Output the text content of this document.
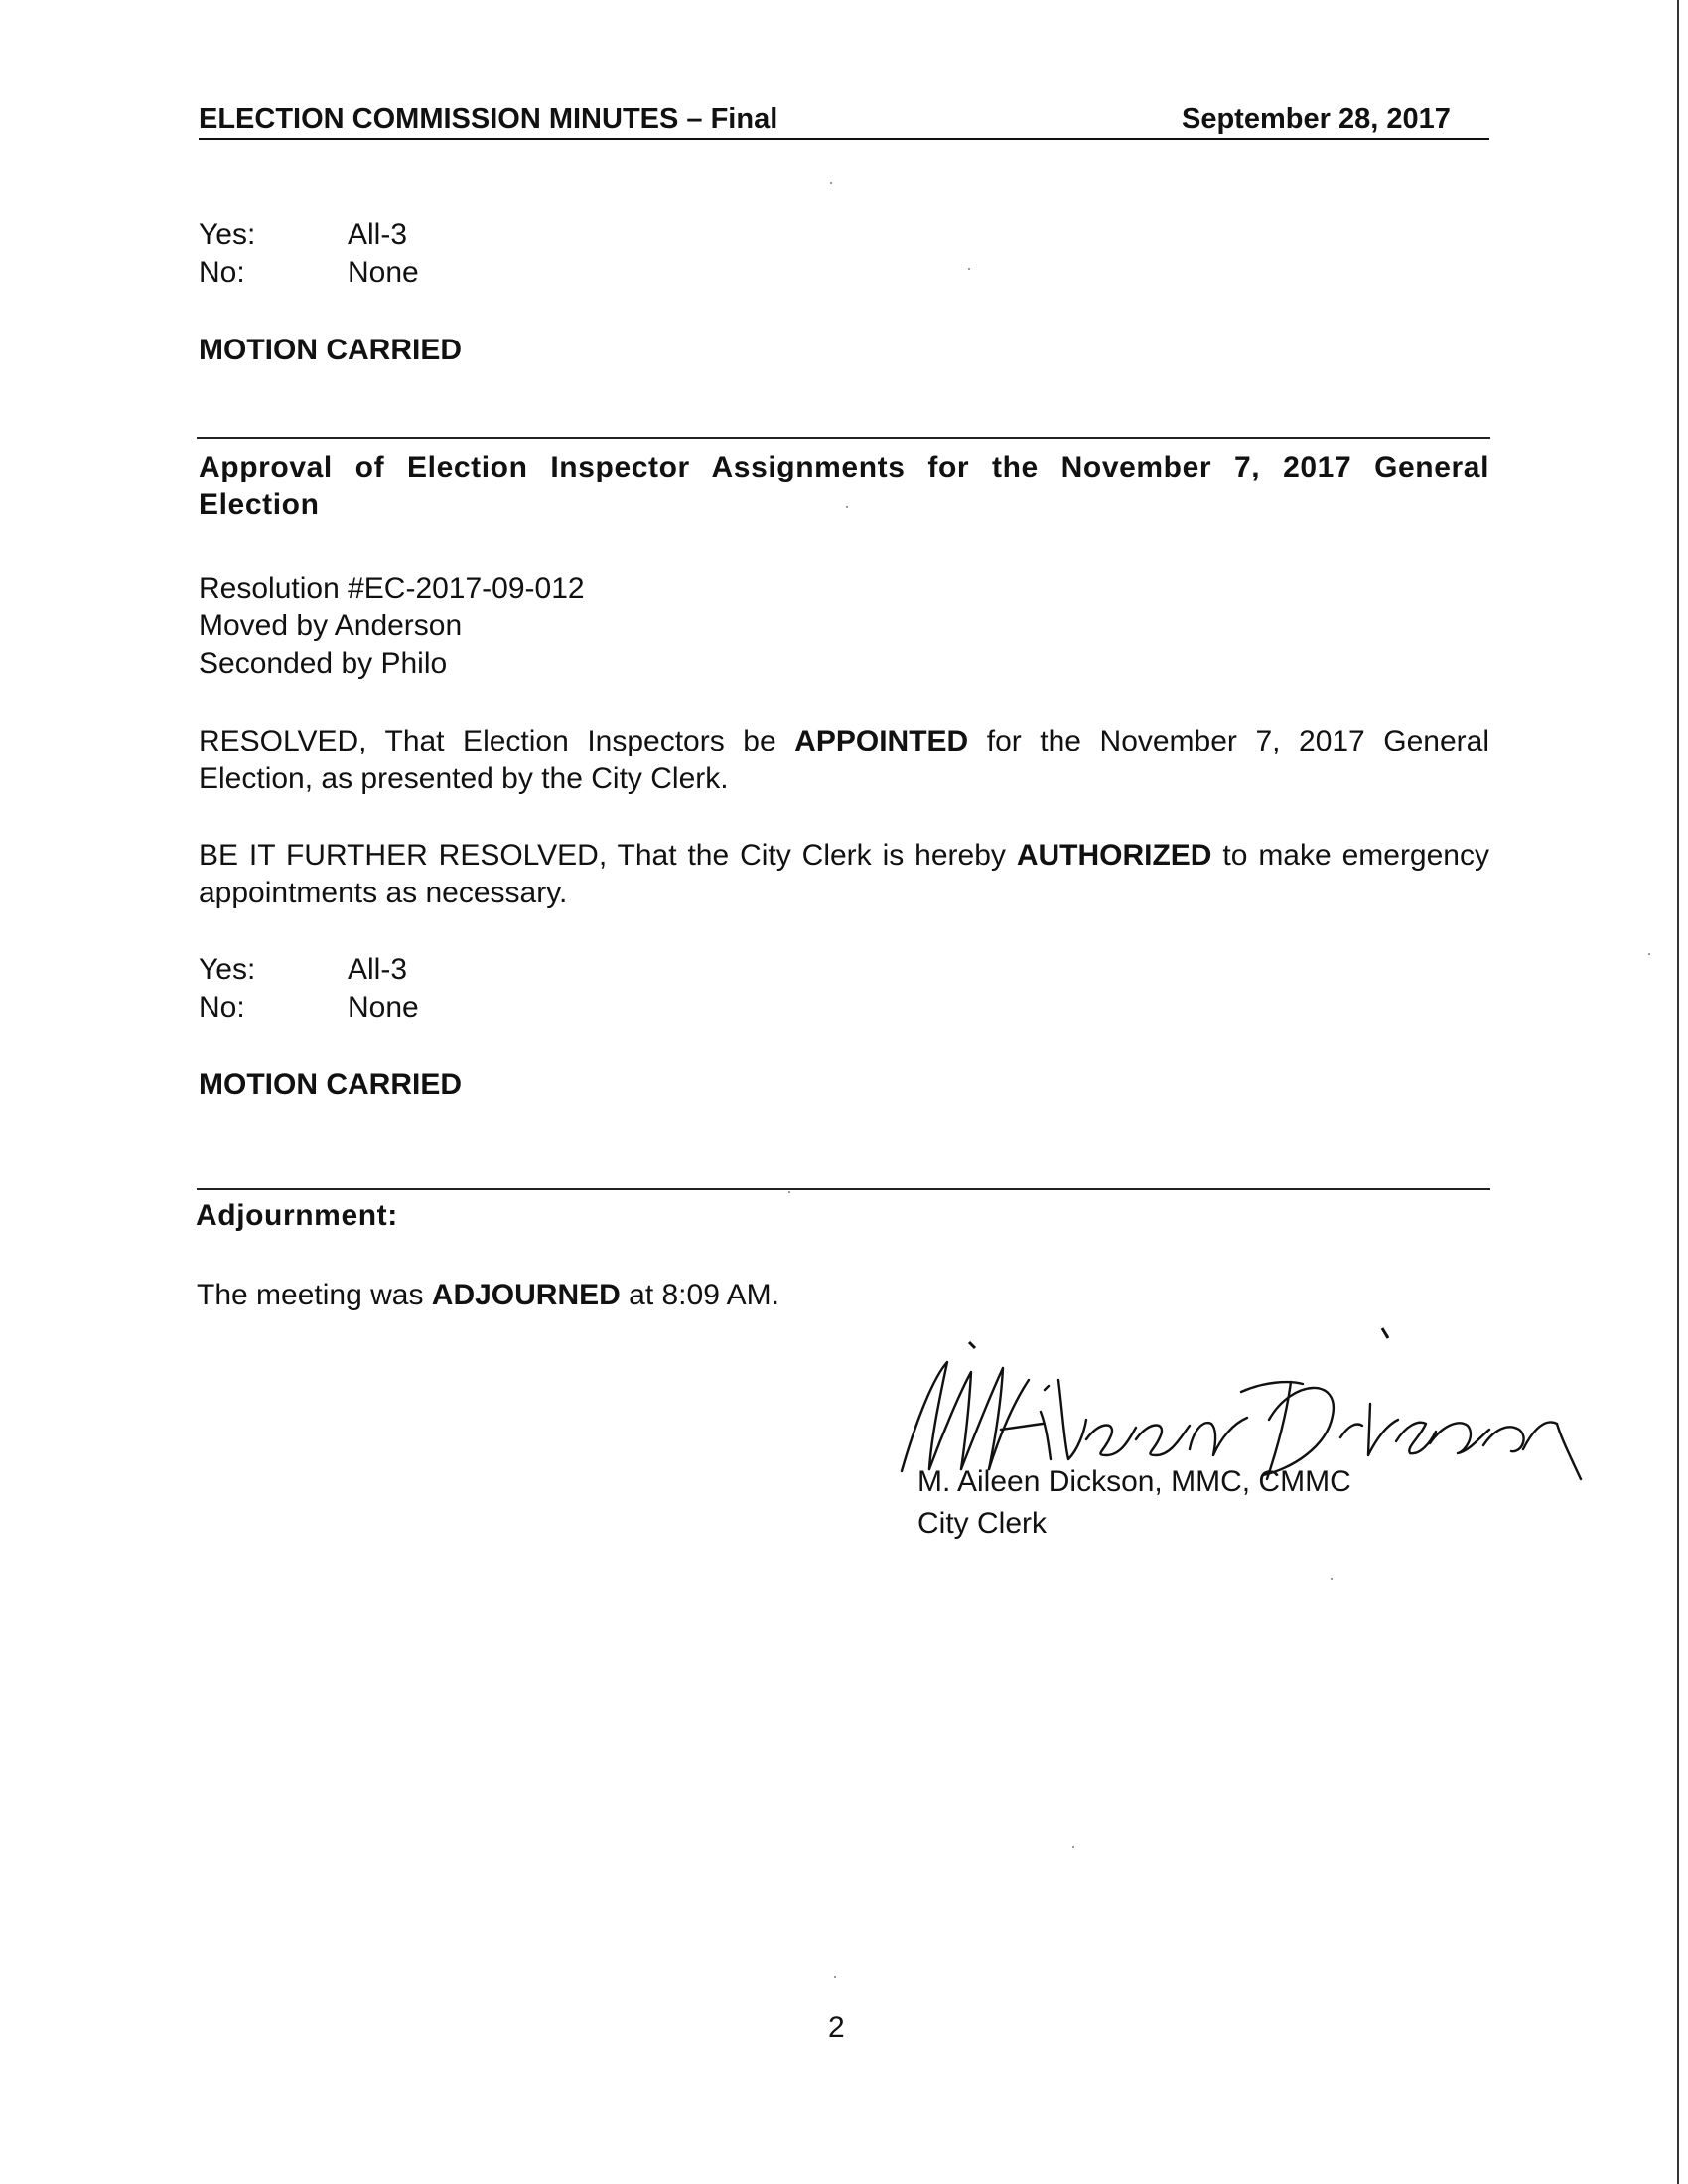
ELECTION COMMISSION MINUTES – Final	September 28, 2017
Yes:	All-3
No:	None
MOTION CARRIED
Approval of Election Inspector Assignments for the November 7, 2017 General
Election
Resolution #EC-2017-09-012
Moved by Anderson
Seconded by Philo
RESOLVED, That Election Inspectors be APPOINTED for the November 7, 2017 General Election, as presented by the City Clerk.
BE IT FURTHER RESOLVED, That the City Clerk is hereby AUTHORIZED to make emergency appointments as necessary.
Yes:	All-3
No:	None
MOTION CARRIED
Adjournment:
The meeting was ADJOURNED at 8:09 AM.
M. Aileen Dickson, MMC, CMMC
City Clerk
2
